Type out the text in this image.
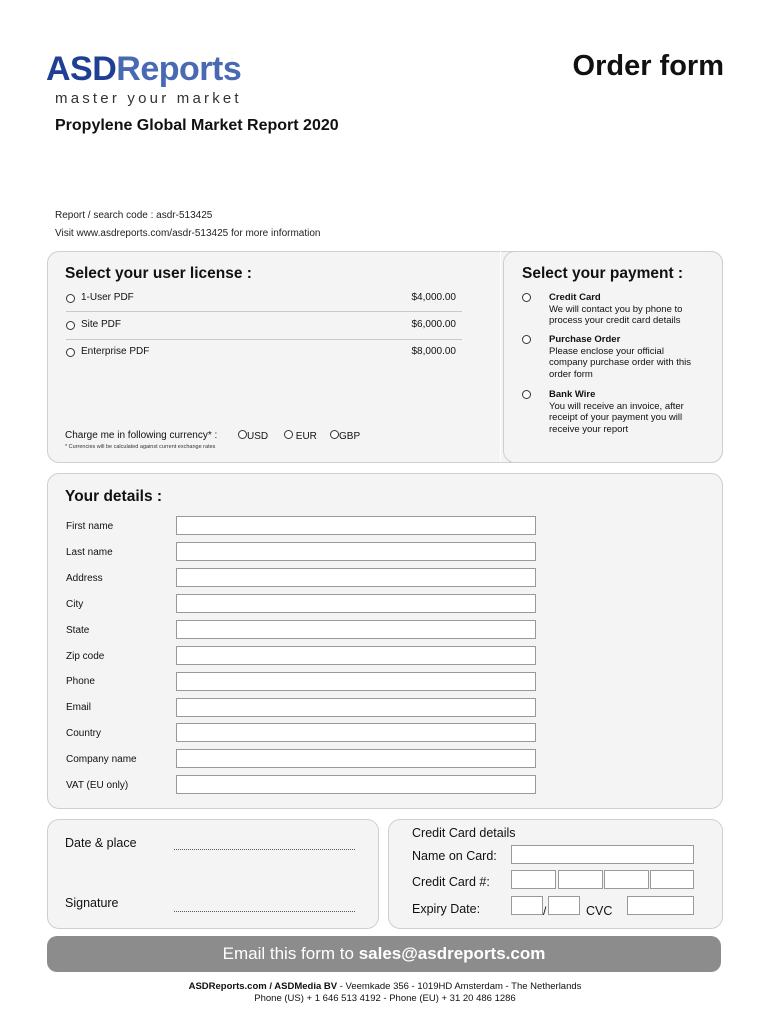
ASDReports
master your market
Order form
Propylene Global Market Report 2020
Report / search code : asdr-513425
Visit www.asdreports.com/asdr-513425 for more information
Select your user license :
1-User PDF	$4,000.00
Site PDF	$6,000.00
Enterprise PDF	$8,000.00
Charge me in following currency* :	USD	EUR	GBP
* Currencies will be calculated against current exchange rates
Select your payment :
Credit Card
We will contact you by phone to process your credit card details
Purchase Order
Please enclose your official company purchase order with this order form
Bank Wire
You will receive an invoice, after receipt of your payment you will receive your report
Your details :
First name
Last name
Address
City
State
Zip code
Phone
Email
Country
Company name
VAT (EU only)
Date & place
Signature
Credit Card details
Name on Card:
Credit Card #:
Expiry Date:	/	CVC
Email this form to sales@asdreports.com
ASDReports.com / ASDMedia BV - Veemkade 356 - 1019HD Amsterdam - The Netherlands
Phone (US) + 1 646 513 4192 - Phone (EU) + 31 20 486 1286
